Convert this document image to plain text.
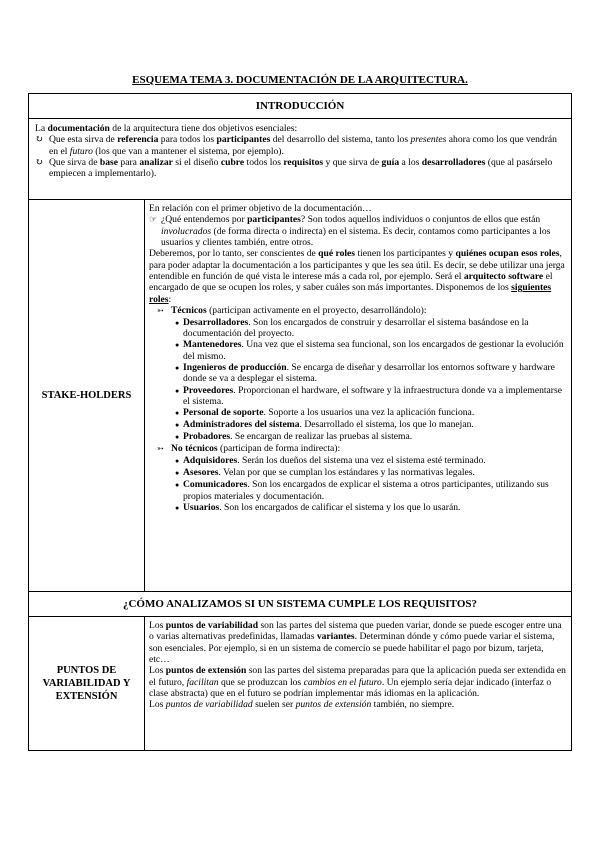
ESQUEMA TEMA 3. DOCUMENTACIÓN DE LA ARQUITECTURA.
INTRODUCCIÓN

La documentación de la arquitectura tiene dos objetivos esenciales:

↻ Que esta sirva de referencia para todos los participantes del desarrollo del sistema, tanto los presentes ahora como los que vendrán en el futuro (los que van a mantener el sistema, por ejemplo).
↻ Que sirva de base para analizar si el diseño cubre todos los requisitos y que sirva de guía a los desarrolladores (que al pasárselo empiecen a implementarlo).
STAKE-HOLDERS

En relación con el primer objetivo de la documentación…

☞ ¿Qué entendemos por participantes? Son todos aquellos individuos o conjuntos de ellos que están involucrados (de forma directa o indirecta) en el sistema. Es decir, contamos como participantes a los usuarios y clientes también, entre otros.

Deberemos, por lo tanto, ser conscientes de qué roles tienen los participantes y quiénes ocupan esos roles, para poder adaptar la documentación a los participantes y que les sea útil. Es decir, se debe utilizar una jerga entendible en función de qué vista le interese más a cada rol, por ejemplo. Será el arquitecto software el encargado de que se ocupen los roles, y saber cuáles son más importantes. Disponemos de los siguientes roles:

➳ Técnicos (participan activamente en el proyecto, desarrollándolo):
● Desarrolladores. Son los encargados de construir y desarrollar el sistema basándose en la documentación del proyecto.
● Mantenedores. Una vez que el sistema sea funcional, son los encargados de gestionar la evolución del mismo.
● Ingenieros de producción. Se encarga de diseñar y desarrollar los entornos software y hardware donde se va a desplegar el sistema.
● Proveedores. Proporcionan el hardware, el software y la infraestructura donde va a implementarse el sistema.
● Personal de soporte. Soporte a los usuarios una vez la aplicación funciona.
● Administradores del sistema. Desarrollado el sistema, los que lo manejan.
● Probadores. Se encargan de realizar las pruebas al sistema.
➳ No técnicos (participan de forma indirecta):
● Adquisidores. Serán los dueños del sistema una vez el sistema esté terminado.
● Asesores. Velan por que se cumplan los estándares y las normativas legales.
● Comunicadores. Son los encargados de explicar el sistema a otros participantes, utilizando sus propios materiales y documentación.
● Usuarios. Son los encargados de calificar el sistema y los que lo usarán.
¿CÓMO ANALIZAMOS SI UN SISTEMA CUMPLE LOS REQUISITOS?
PUNTOS DE VARIABILIDAD Y EXTENSIÓN

Los puntos de variabilidad son las partes del sistema que pueden variar, donde se puede escoger entre una o varias alternativas predefinidas, llamadas variantes. Determinan dónde y cómo puede variar el sistema, son esenciales. Por ejemplo, si en un sistema de comercio se puede habilitar el pago por bizum, tarjeta, etc…

Los puntos de extensión son las partes del sistema preparadas para que la aplicación pueda ser extendida en el futuro, facilitan que se produzcan los cambios en el futuro. Un ejemplo sería dejar indicado (interfaz o clase abstracta) que en el futuro se podrían implementar más idiomas en la aplicación.

Los puntos de variabilidad suelen ser puntos de extensión también, no siempre.
